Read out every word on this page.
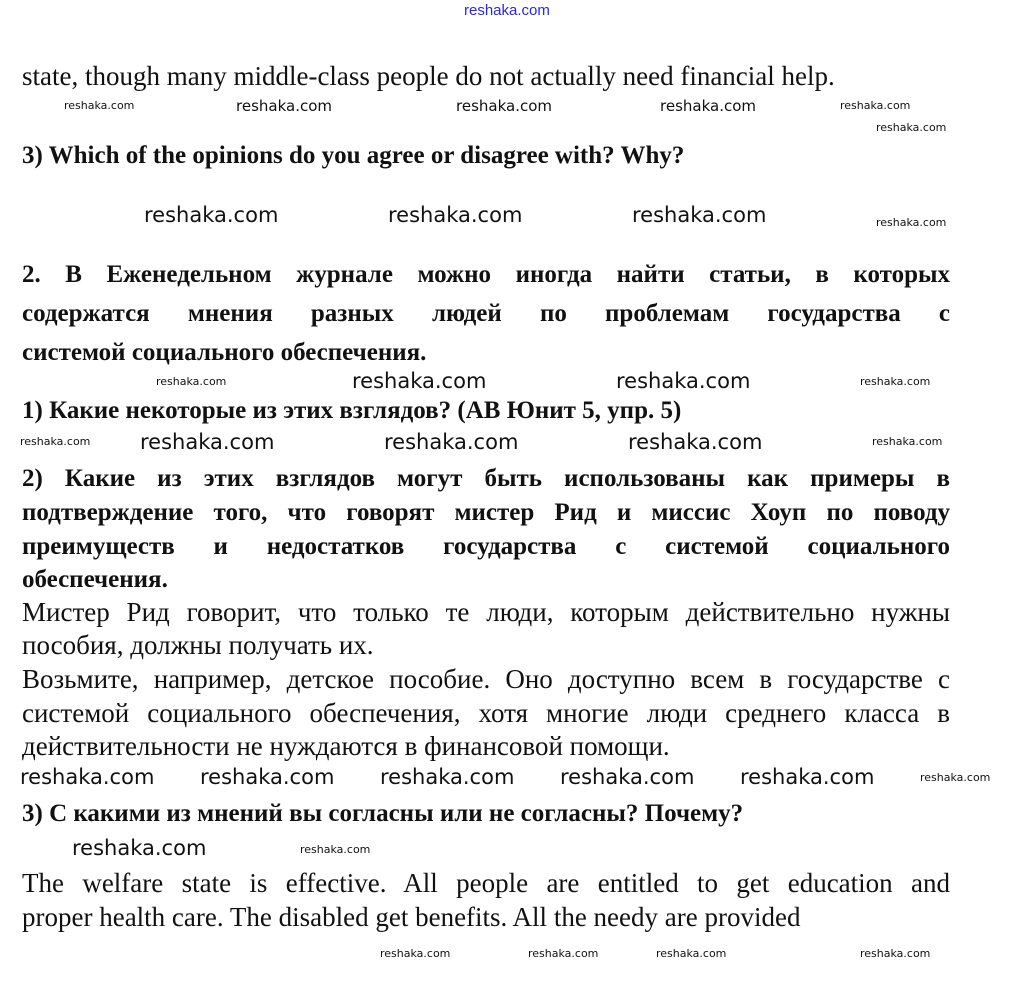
reshaka.com
state, though many middle-class people do not actually need financial help.
3) Which of the opinions do you agree or disagree with? Why?
2. В Еженедельном журнале можно иногда найти статьи, в которых
содержатся мнения разных людей по проблемам государства с
системой социального обеспечения.
1) Какие некоторые из этих взглядов? (AB Юнит 5, упр. 5)
2) Какие из этих взглядов могут быть использованы как примеры в
подтверждение того, что говорят мистер Рид и миссис Хоуп по поводу
преимуществ и недостатков государства с системой социального
обеспечения.
Мистер Рид говорит, что только те люди, которым действительно нужны
пособия, должны получать их.
Возьмите, например, детское пособие. Оно доступно всем в государстве с
системой социального обеспечения, хотя многие люди среднего класса в
действительности не нуждаются в финансовой помощи.
3) С какими из мнений вы согласны или не согласны? Почему?
The welfare state is effective. All people are entitled to get education and
proper health care. The disabled get benefits. All the needy are provided
reshaka.com	reshaka.com	reshaka.com	reshaka.com	reshaka.com
reshaka.com
reshaka.com	reshaka.com	reshaka.com	reshaka.com
reshaka.com	reshaka.com	reshaka.com	reshaka.com
reshaka.com reshaka.com	reshaka.com	reshaka.com	reshaka.com
reshaka.com reshaka.com reshaka.com reshaka.com reshaka.com	reshaka.com
reshaka.com	reshaka.com
reshaka.com	reshaka.com	reshaka.com	reshaka.com
